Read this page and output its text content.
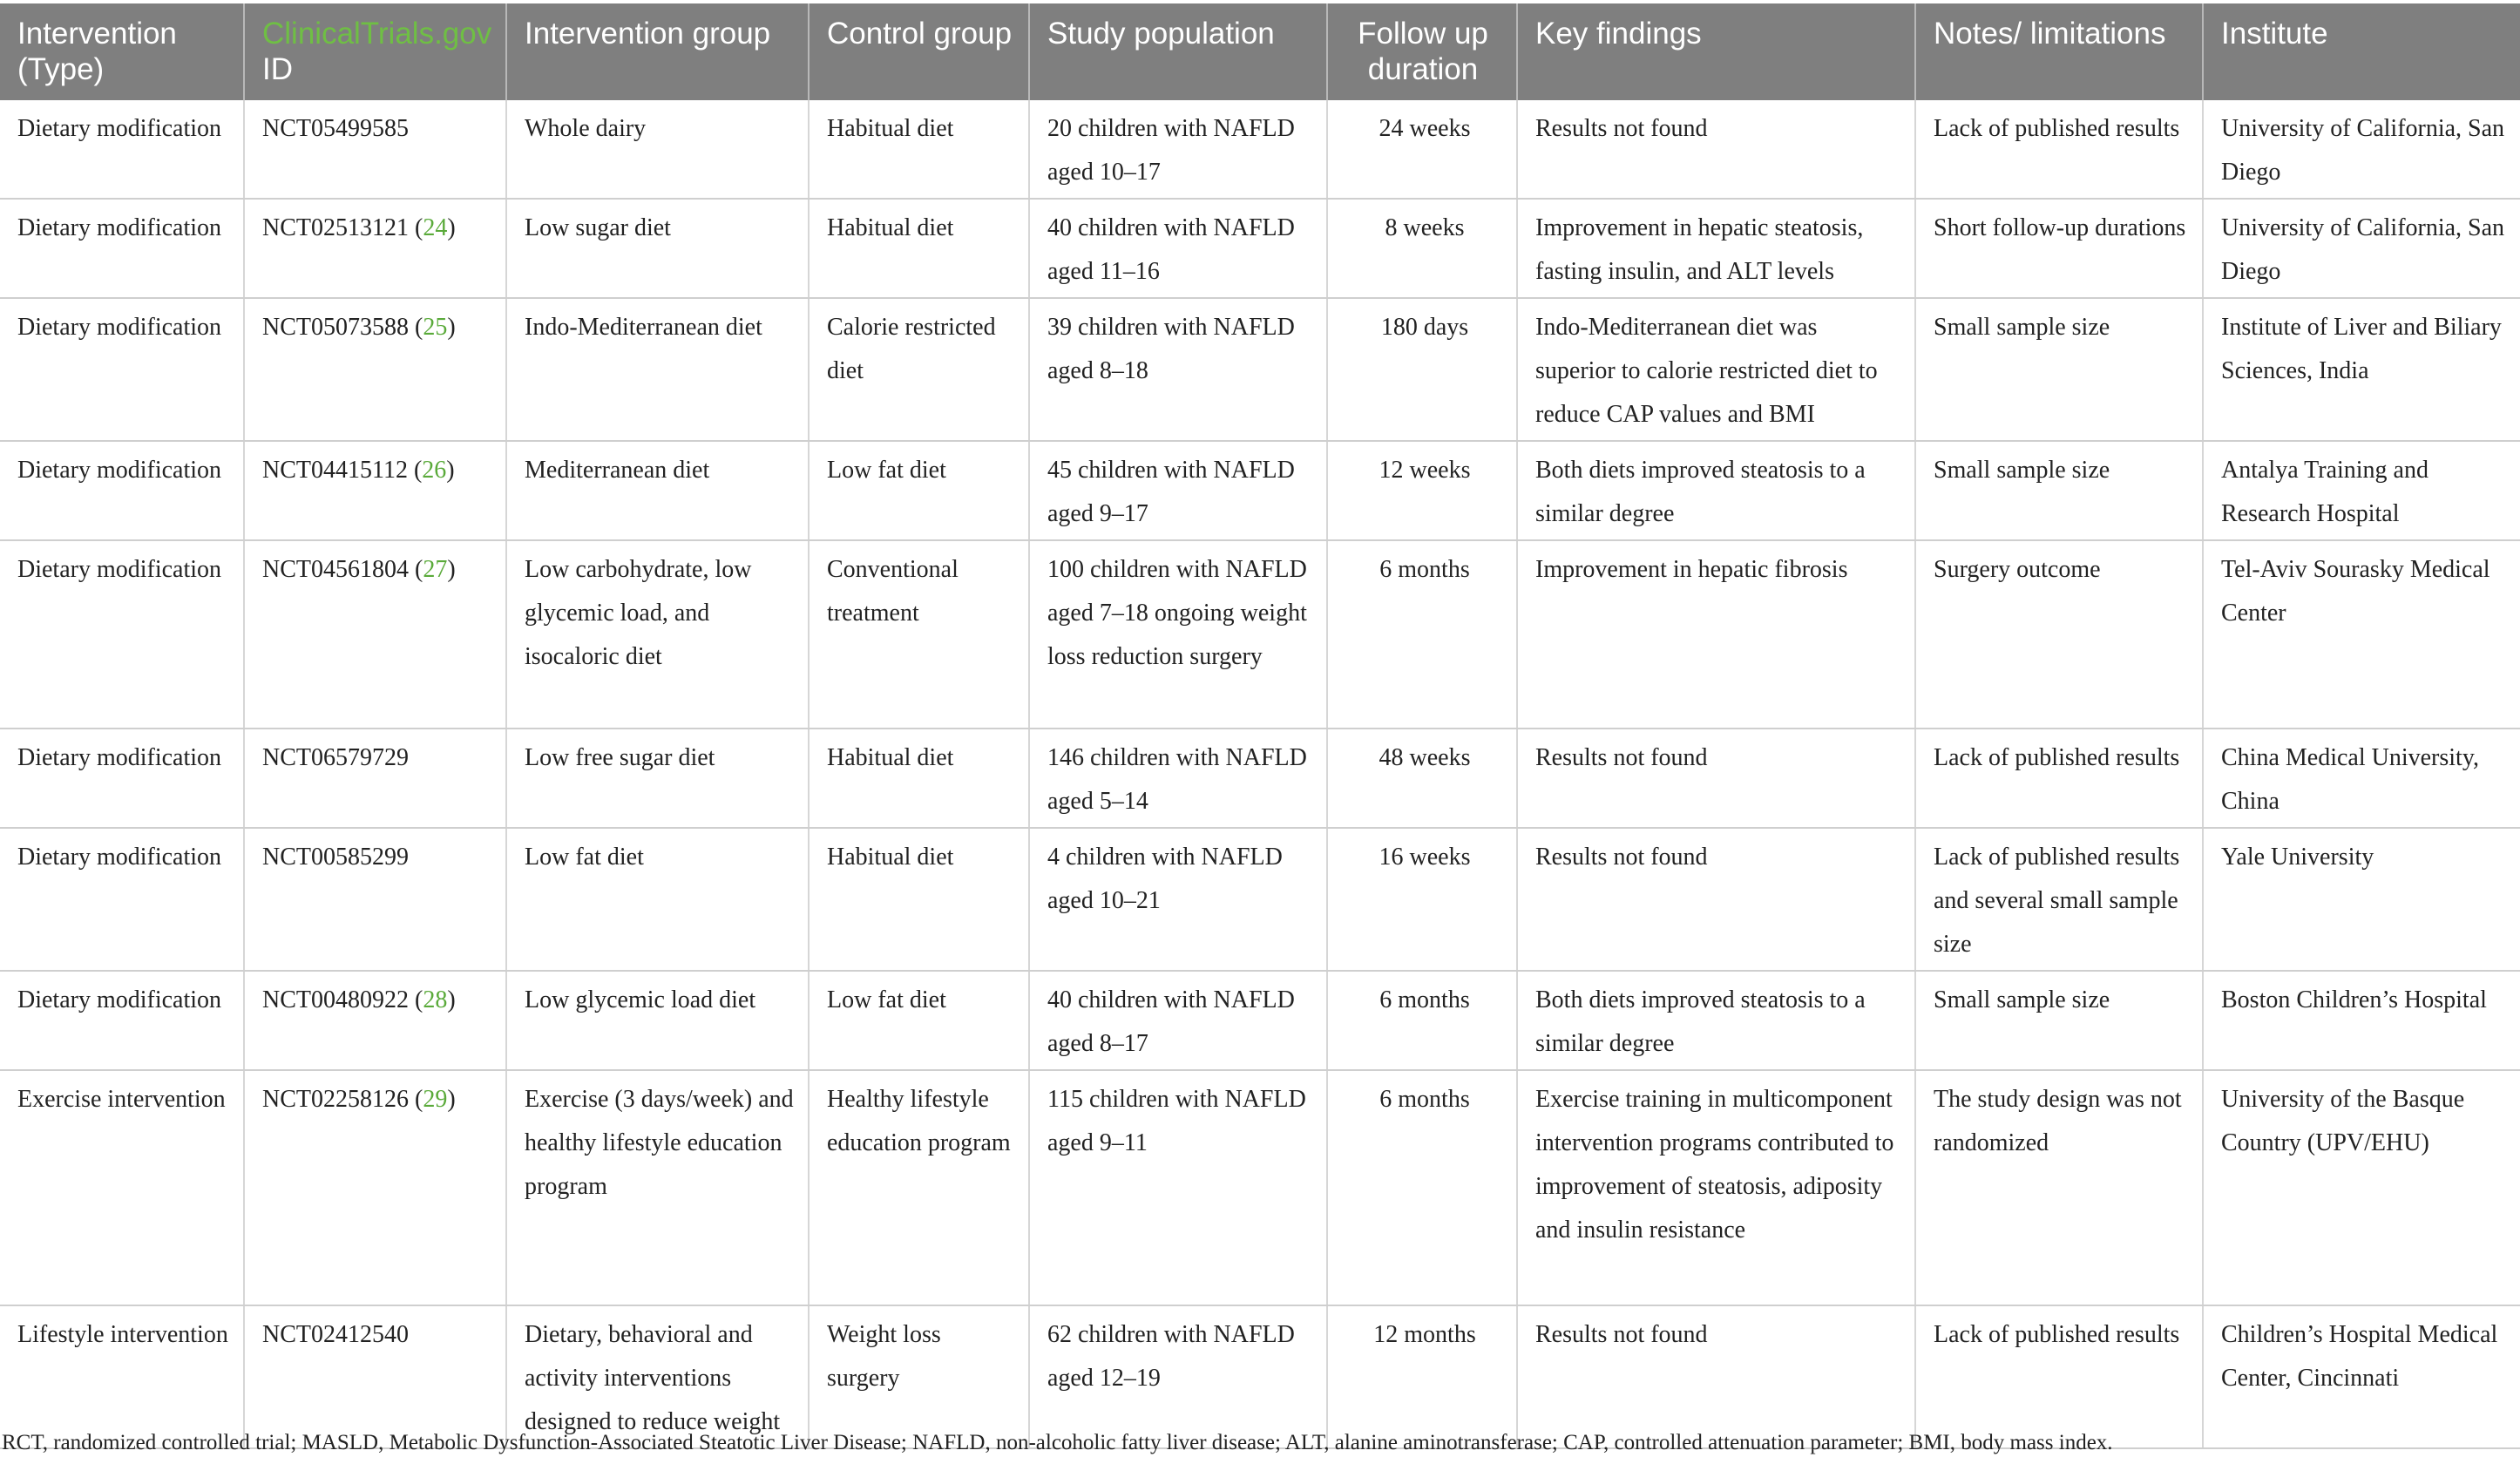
Intervention (Type)	ClinicalTrials.gov ID	Intervention group	Control group	Study population	Follow up duration	Key findings	Notes/ limitations	Institute
Dietary modification	NCT05499585	Whole dairy	Habitual diet	20 children with NAFLD aged 10–17	24 weeks	Results not found	Lack of published results	University of California, San Diego
Dietary modification	NCT02513121 (24)	Low sugar diet	Habitual diet	40 children with NAFLD aged 11–16	8 weeks	Improvement in hepatic steatosis, fasting insulin, and ALT levels	Short follow-up durations	University of California, San Diego
Dietary modification	NCT05073588 (25)	Indo-Mediterranean diet	Calorie restricted diet	39 children with NAFLD aged 8–18	180 days	Indo-Mediterranean diet was superior to calorie restricted diet to reduce CAP values and BMI	Small sample size	Institute of Liver and Biliary Sciences, India
Dietary modification	NCT04415112 (26)	Mediterranean diet	Low fat diet	45 children with NAFLD aged 9–17	12 weeks	Both diets improved steatosis to a similar degree	Small sample size	Antalya Training and Research Hospital
Dietary modification	NCT04561804 (27)	Low carbohydrate, low glycemic load, and isocaloric diet	Conventional treatment	100 children with NAFLD aged 7–18 ongoing weight loss reduction surgery	6 months	Improvement in hepatic fibrosis	Surgery outcome	Tel-Aviv Sourasky Medical Center
Dietary modification	NCT06579729	Low free sugar diet	Habitual diet	146 children with NAFLD aged 5–14	48 weeks	Results not found	Lack of published results	China Medical University, China
Dietary modification	NCT00585299	Low fat diet	Habitual diet	4 children with NAFLD aged 10–21	16 weeks	Results not found	Lack of published results and several small sample size	Yale University
Dietary modification	NCT00480922 (28)	Low glycemic load diet	Low fat diet	40 children with NAFLD aged 8–17	6 months	Both diets improved steatosis to a similar degree	Small sample size	Boston Children’s Hospital
Exercise intervention	NCT02258126 (29)	Exercise (3 days/week) and healthy lifestyle education program	Healthy lifestyle education program	115 children with NAFLD aged 9–11	6 months	Exercise training in multicomponent intervention programs contributed to improvement of steatosis, adiposity and insulin resistance	The study design was not randomized	University of the Basque Country (UPV/EHU)
Lifestyle intervention	NCT02412540	Dietary, behavioral and activity interventions designed to reduce weight	Weight loss surgery	62 children with NAFLD aged 12–19	12 months	Results not found	Lack of published results	Children’s Hospital Medical Center, Cincinnati
RCT, randomized controlled trial; MASLD, Metabolic Dysfunction-Associated Steatotic Liver Disease; NAFLD, non-alcoholic fatty liver disease; ALT, alanine aminotransferase; CAP, controlled attenuation parameter; BMI, body mass index.
